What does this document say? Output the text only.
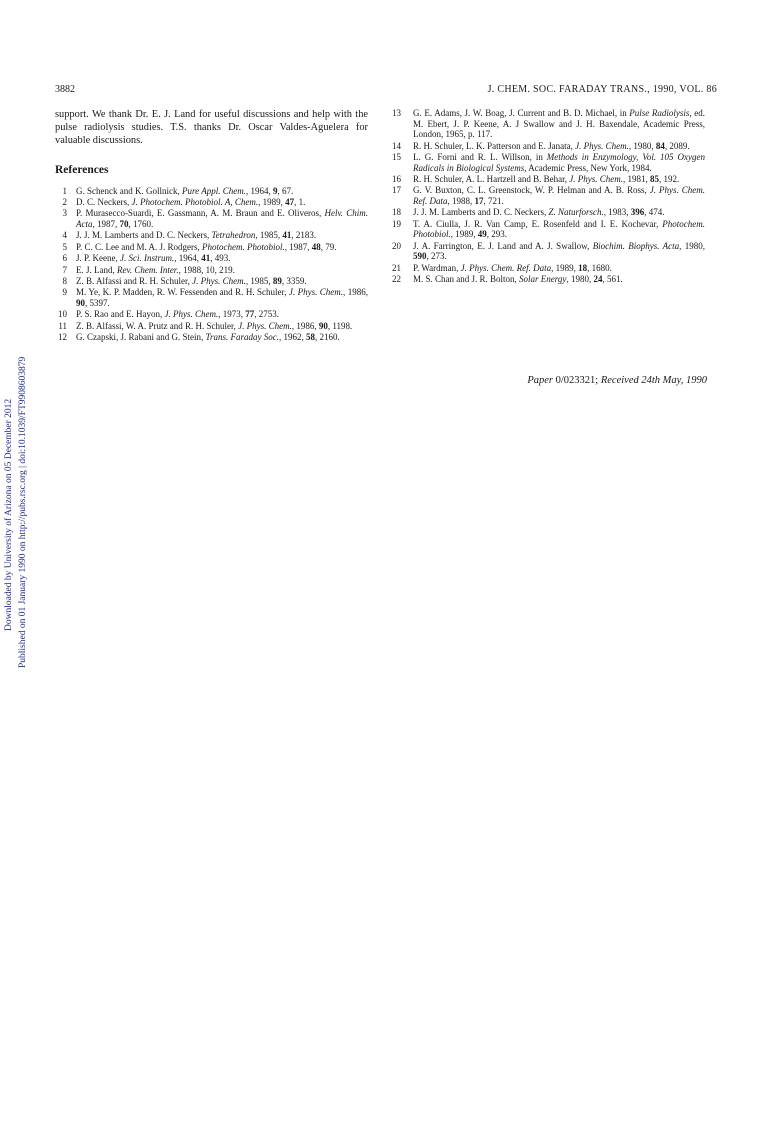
3882	J. CHEM. SOC. FARADAY TRANS., 1990, VOL. 86
Downloaded by University of Arizona on 05 December 2012 Published on 01 January 1990 on http://pubs.rsc.org | doi:10.1039/FT9908603879

support. We thank Dr. E. J. Land for useful discussions and help with the pulse radiolysis studies. T.S. thanks Dr. Oscar Valdes-Aguelera for valuable discussions.

References
1 G. Schenck and K. Gollnick, Pure Appl. Chem., 1964, 9, 67.
2 D. C. Neckers, J. Photochem. Photobiol. A, Chem., 1989, 47, 1.
3 P. Murasecco-Suardi, E. Gassmann, A. M. Braun and E. Oliveros, Helv. Chim. Acta, 1987, 70, 1760.
4 J. J. M. Lamberts and D. C. Neckers, Tetrahedron, 1985, 41, 2183.
5 P. C. C. Lee and M. A. J. Rodgers, Photochem. Photobiol., 1987, 48, 79.
6 J. P. Keene, J. Sci. Instrum., 1964, 41, 493.
7 E. J. Land, Rev. Chem. Inter., 1988, 10, 219.
8 Z. B. Alfassi and R. H. Schuler, J. Phys. Chem., 1985, 89, 3359.
9 M. Ye, K. P. Madden, R. W. Fessenden and R. H. Schuler, J. Phys. Chem., 1986, 90, 5397.
10 P. S. Rao and E. Hayon, J. Phys. Chem., 1973, 77, 2753.
11 Z. B. Alfassi, W. A. Prutz and R. H. Schuler, J. Phys. Chem., 1986, 90, 1198.
12 G. Czapski, J. Rabani and G. Stein, Trans. Faraday Soc., 1962, 58, 2160.
13 G. E. Adams, J. W. Boag, J. Current and B. D. Michael, in Pulse Radiolysis, ed. M. Ebert, J. P. Keene, A. J Swallow and J. H. Baxendale, Academic Press, London, 1965, p. 117.
14 R. H. Schuler, L. K. Patterson and E. Janata, J. Phys. Chem., 1980, 84, 2089.
15 L. G. Forni and R. L. Willson, in Methods in Enzymology, Vol. 105 Oxygen Radicals in Biological Systems, Academic Press, New York, 1984.
16 R. H. Schuler, A. L. Hartzell and B. Behar, J. Phys. Chem., 1981, 85, 192.
17 G. V. Buxton, C. L. Greenstock, W. P. Helman and A. B. Ross, J. Phys. Chem. Ref. Data, 1988, 17, 721.
18 J. J. M. Lamberts and D. C. Neckers, Z. Naturforsch., 1983, 396, 474.
19 T. A. Ciulla, J. R. Van Camp, E. Rosenfeld and I. E. Kochevar, Photochem. Photobiol., 1989, 49, 293.
20 J. A. Farrington, E. J. Land and A. J. Swallow, Biochim. Biophys. Acta, 1980, 590, 273.
21 P. Wardman, J. Phys. Chem. Ref. Data, 1989, 18, 1680.
22 M. S. Chan and J. R. Bolton, Solar Energy, 1980, 24, 561.
Paper 0/023321; Received 24th May, 1990
